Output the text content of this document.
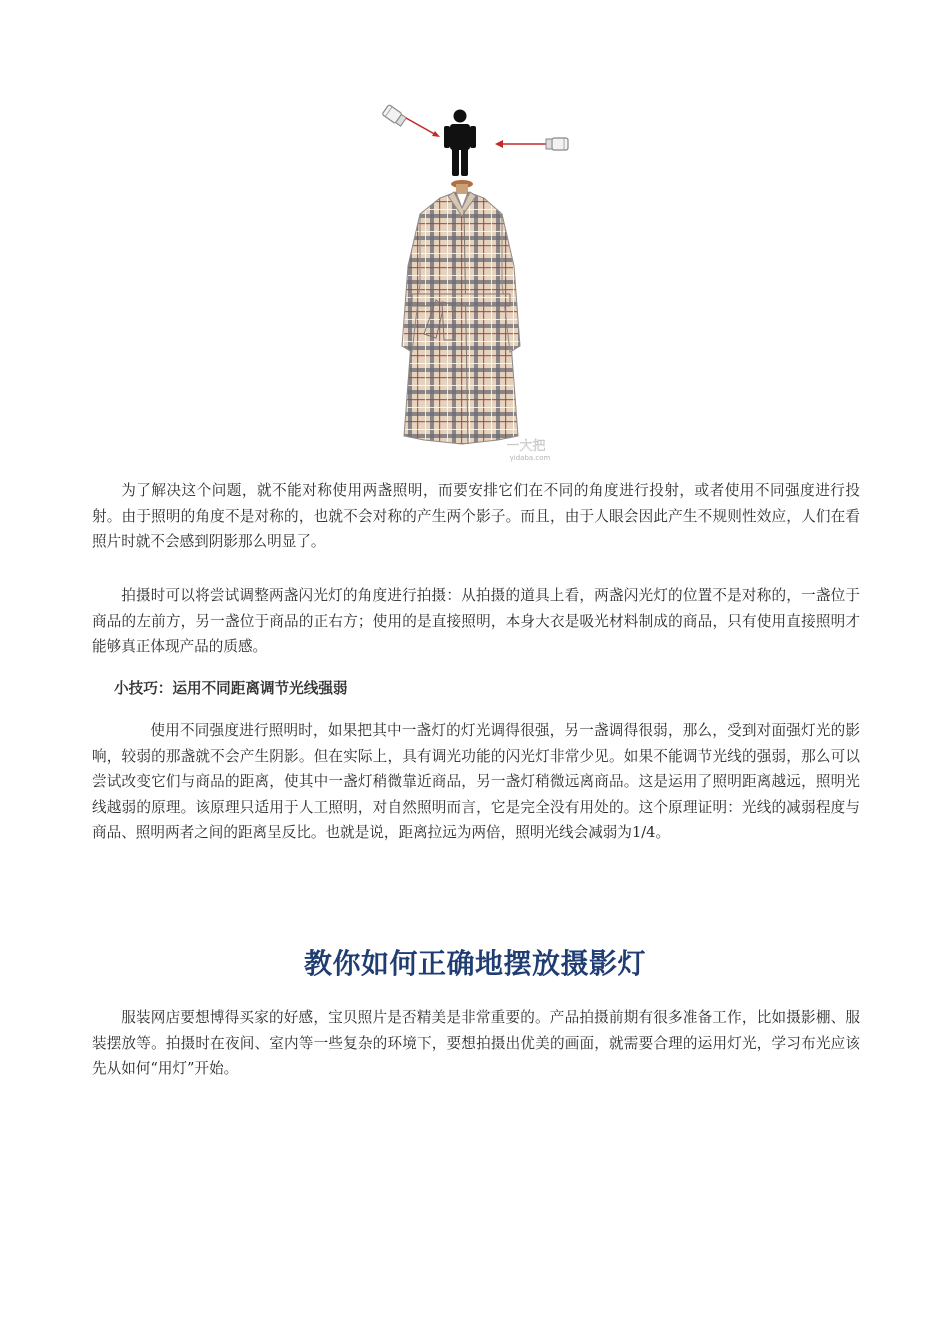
一大把
yidaba.com

为了解决这个问题，就不能对称使用两盏照明，而要安排它们在不同的角度进行投射，或者使用不同强度进行投射。由于照明的角度不是对称的，也就不会对称的产生两个影子。而且，由于人眼会因此产生不规则性效应，人们在看照片时就不会感到阴影那么明显了。

拍摄时可以将尝试调整两盏闪光灯的角度进行拍摄：从拍摄的道具上看，两盏闪光灯的位置不是对称的，一盏位于商品的左前方，另一盏位于商品的正右方；使用的是直接照明，本身大衣是吸光材料制成的商品，只有使用直接照明才能够真正体现产品的质感。

小技巧：运用不同距离调节光线强弱

使用不同强度进行照明时，如果把其中一盏灯的灯光调得很强，另一盏调得很弱，那么，受到对面强灯光的影响，较弱的那盏就不会产生阴影。但在实际上，具有调光功能的闪光灯非常少见。如果不能调节光线的强弱，那么可以尝试改变它们与商品的距离，使其中一盏灯稍微靠近商品，另一盏灯稍微远离商品。这是运用了照明距离越远，照明光线越弱的原理。该原理只适用于人工照明，对自然照明而言，它是完全没有用处的。这个原理证明：光线的减弱程度与商品、照明两者之间的距离呈反比。也就是说，距离拉远为两倍，照明光线会减弱为1/4。

教你如何正确地摆放摄影灯

服装网店要想博得买家的好感，宝贝照片是否精美是非常重要的。产品拍摄前期有很多准备工作，比如摄影棚、服装摆放等。拍摄时在夜间、室内等一些复杂的环境下，要想拍摄出优美的画面，就需要合理的运用灯光，学习布光应该先从如何“用灯”开始。
